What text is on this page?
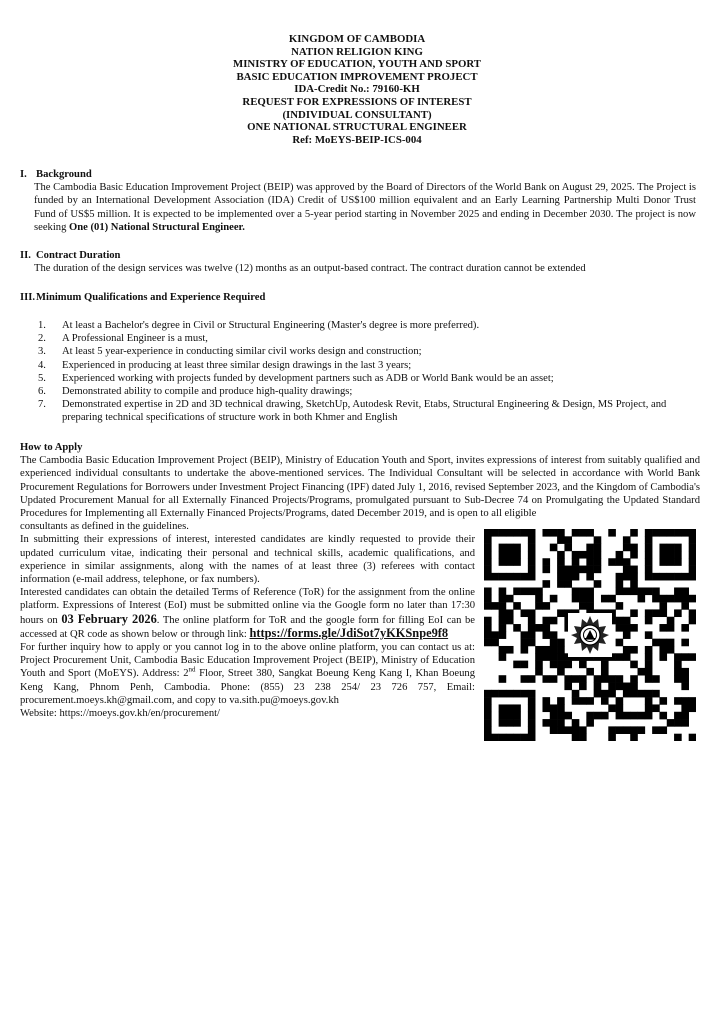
KINGDOM OF CAMBODIA
NATION RELIGION KING
MINISTRY OF EDUCATION, YOUTH AND SPORT
BASIC EDUCATION IMPROVEMENT PROJECT
IDA-Credit No.: 79160-KH
REQUEST FOR EXPRESSIONS OF INTEREST
(INDIVIDUAL CONSULTANT)
ONE NATIONAL STRUCTURAL ENGINEER
Ref: MoEYS-BEIP-ICS-004
I. Background
The Cambodia Basic Education Improvement Project (BEIP) was approved by the Board of Directors of the World Bank on August 29, 2025. The Project is funded by an International Development Association (IDA) Credit of US$100 million equivalent and an Early Learning Partnership Multi Donor Trust Fund of US$5 million. It is expected to be implemented over a 5-year period starting in November 2025 and ending in December 2030. The project is now seeking One (01) National Structural Engineer.
II. Contract Duration
The duration of the design services was twelve (12) months as an output-based contract. The contract duration cannot be extended
III.Minimum Qualifications and Experience Required
1.	At least a Bachelor's degree in Civil or Structural Engineering (Master's degree is more preferred).
2.	A Professional Engineer is a must,
3.	At least 5 year-experience in conducting similar civil works design and construction;
4.	Experienced in producing at least three similar design drawings in the last 3 years;
5.	Experienced working with projects funded by development partners such as ADB or World Bank would be an asset;
6.	Demonstrated ability to compile and produce high-quality drawings;
7.	Demonstrated expertise in 2D and 3D technical drawing, SketchUp, Autodesk Revit, Etabs, Structural Engineering & Design, MS Project, and preparing technical specifications of structure work in both Khmer and English
How to Apply
The Cambodia Basic Education Improvement Project (BEIP), Ministry of Education Youth and Sport, invites expressions of interest from suitably qualified and experienced individual consultants to undertake the above-mentioned services. The Individual Consultant will be selected in accordance with World Bank Procurement Regulations for Borrowers under Investment Project Financing (IPF) dated July 1, 2016, revised September 2023, and the Kingdom of Cambodia's Updated Procurement Manual for all Externally Financed Projects/Programs, promulgated pursuant to Sub-Decree 74 on Promulgating the Updated Standard Procedures for Implementing all Externally Financed Projects/Programs, dated December 2019, and is open to all eligible
consultants as defined in the guidelines.
In submitting their expressions of interest, interested candidates are kindly requested to provide their updated curriculum vitae, indicating their personal and technical skills, academic qualifications, and experience in similar assignments, along with the names of at least three (3) referees with contact information (e-mail address, telephone, or fax numbers).
Interested candidates can obtain the detailed Terms of Reference (ToR) for the assignment from the online platform. Expressions of Interest (EoI) must be submitted online via the Google form no later than 17:30 hours on 03 February 2026. The online platform for ToR and the google form for filling EoI can be accessed at QR code as shown below or through link: https://forms.gle/JdiSot7yKKSnpe9f8
For further inquiry how to apply or you cannot log in to the above online platform, you can contact us at: Project Procurement Unit, Cambodia Basic Education Improvement Project (BEIP), Ministry of Education Youth and Sport (MoEYS). Address: 2nd Floor, Street 380, Sangkat Boeung Keng Kang I, Khan Boeung Keng Kang, Phnom Penh, Cambodia. Phone: (855) 23 238 254/ 23 726 757, Email: procurement.moeys.kh@gmail.com, and copy to va.sith.pu@moeys.gov.kh
Website: https://moeys.gov.kh/en/procurement/
